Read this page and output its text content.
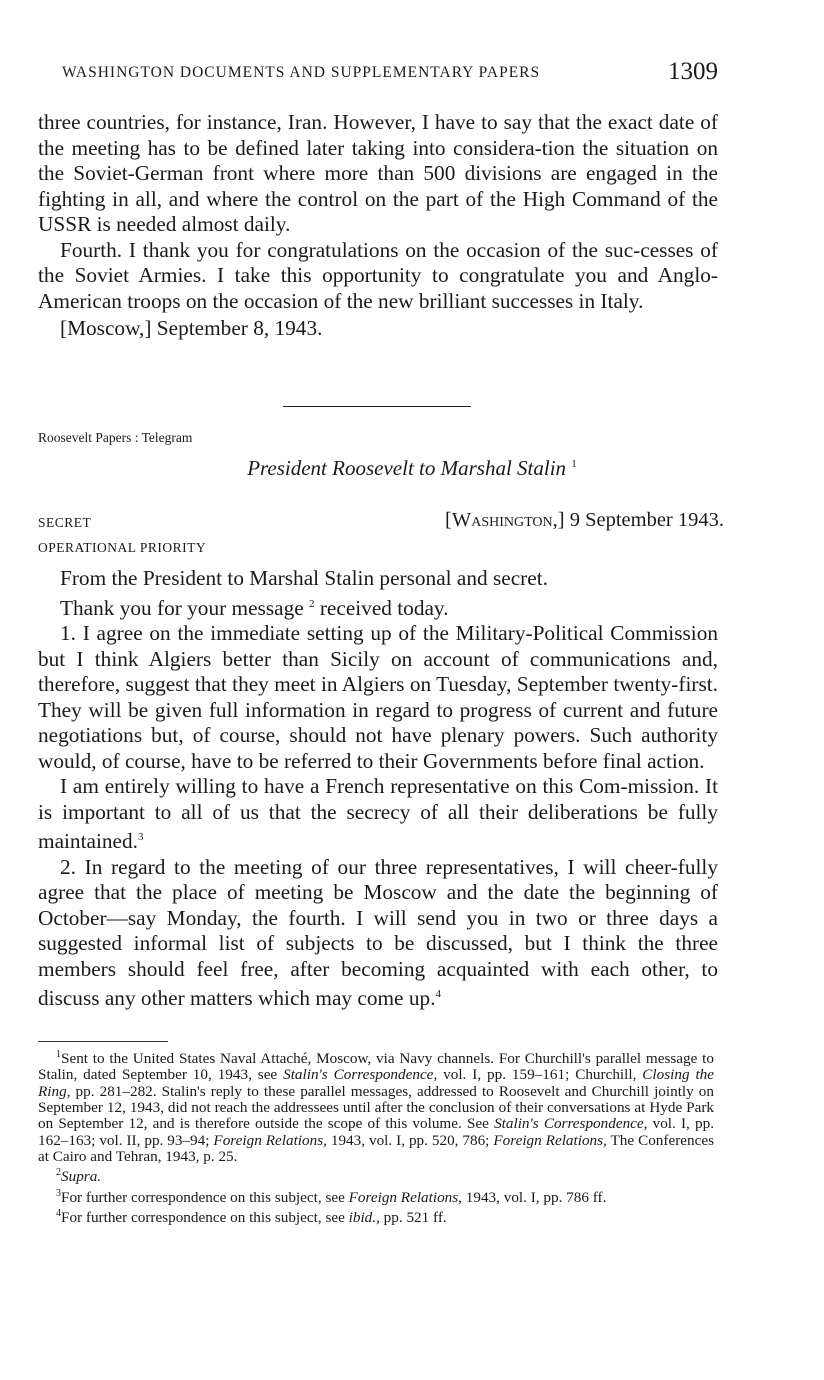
WASHINGTON DOCUMENTS AND SUPPLEMENTARY PAPERS	1309

three countries, for instance, Iran. However, I have to say that the exact date of the meeting has to be defined later taking into considera-tion the situation on the Soviet-German front where more than 500 divisions are engaged in the fighting in all, and where the control on the part of the High Command of the USSR is needed almost daily.

Fourth. I thank you for congratulations on the occasion of the suc-cesses of the Soviet Armies. I take this opportunity to congratulate you and Anglo-American troops on the occasion of the new brilliant successes in Italy.

[Moscow,] September 8, 1943.

Roosevelt Papers : Telegram
President Roosevelt to Marshal Stalin $^1$
SECRET
OPERATIONAL PRIORITY
[Washington,] 9 September 1943.

From the President to Marshal Stalin personal and secret.

Thank you for your message $^2$ received today.

1. I agree on the immediate setting up of the Military-Political Commission but I think Algiers better than Sicily on account of communications and, therefore, suggest that they meet in Algiers on Tuesday, September twenty-first. They will be given full information in regard to progress of current and future negotiations but, of course, should not have plenary powers. Such authority would, of course, have to be referred to their Governments before final action.

I am entirely willing to have a French representative on this Com-mission. It is important to all of us that the secrecy of all their deliberations be fully maintained.$^3$

2. In regard to the meeting of our three representatives, I will cheer-fully agree that the place of meeting be Moscow and the date the beginning of October—say Monday, the fourth. I will send you in two or three days a suggested informal list of subjects to be discussed, but I think the three members should feel free, after becoming acquainted with each other, to discuss any other matters which may come up.$^4$

$^1$Sent to the United States Naval Attaché, Moscow, via Navy channels. For Churchill's parallel message to Stalin, dated September 10, 1943, see Stalin's Correspondence, vol. I, pp. 159–161; Churchill, Closing the Ring, pp. 281–282. Stalin's reply to these parallel messages, addressed to Roosevelt and Churchill jointly on September 12, 1943, did not reach the addressees until after the conclusion of their conversations at Hyde Park on September 12, and is therefore outside the scope of this volume. See Stalin's Correspondence, vol. I, pp. 162–163; vol. II, pp. 93–94; Foreign Relations, 1943, vol. I, pp. 520, 786; Foreign Relations, The Conferences at Cairo and Tehran, 1943, p. 25.

$^2$Supra.

$^3$For further correspondence on this subject, see Foreign Relations, 1943, vol. I, pp. 786 ff.

$^4$For further correspondence on this subject, see ibid., pp. 521 ff.
